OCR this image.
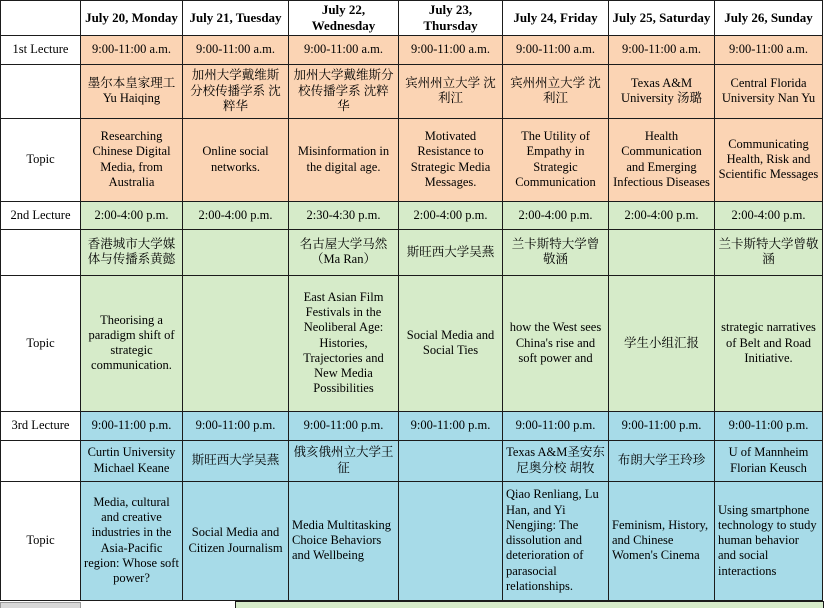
	July 20, Monday	July 21, Tuesday	July 22, Wednesday	July 23, Thursday	July 24, Friday	July 25, Saturday	July 26, Sunday
1st Lecture	9:00-11:00 a.m.	9:00-11:00 a.m.	9:00-11:00 a.m.	9:00-11:00 a.m.	9:00-11:00 a.m.	9:00-11:00 a.m.	9:00-11:00 a.m.
	墨尔本皇家理工 Yu Haiqing	加州大学戴维斯分校传播学系 沈粹华	加州大学戴维斯分校传播学系 沈粹华	宾州州立大学 沈利江	宾州州立大学 沈利江	Texas A&M University 汤璐	Central Florida University Nan Yu
Topic	Researching Chinese Digital Media, from Australia	Online social networks.	Misinformation in the digital age.	Motivated Resistance to Strategic Media Messages.	The Utility of Empathy in Strategic Communication	Health Communication and Emerging Infectious Diseases	Communicating Health, Risk and Scientific Messages
2nd Lecture	2:00-4:00 p.m.	2:00-4:00 p.m.	2:30-4:30 p.m.	2:00-4:00 p.m.	2:00-4:00 p.m.	2:00-4:00 p.m.	2:00-4:00 p.m.
	香港城市大学媒体与传播系黄懿		名古屋大学马然（Ma Ran）	斯旺西大学吴燕	兰卡斯特大学曾敬涵		兰卡斯特大学曾敬涵
Topic	Theorising a paradigm shift of strategic communication.		East Asian Film Festivals in the Neoliberal Age: Histories, Trajectories and New Media Possibilities	Social Media and Social Ties	how the West sees China's rise and soft power and	学生小组汇报	strategic narratives of Belt and Road Initiative.
3rd Lecture	9:00-11:00 p.m.	9:00-11:00 p.m.	9:00-11:00 p.m.	9:00-11:00 p.m.	9:00-11:00 p.m.	9:00-11:00 p.m.	9:00-11:00 p.m.
	Curtin University Michael Keane	斯旺西大学吴燕	俄亥俄州立大学王征		Texas A&M圣安东尼奥分校 胡牧	布朗大学王玲珍	U of Mannheim Florian Keusch
Topic	Media, cultural and creative industries in the Asia-Pacific region: Whose soft power?	Social Media and Citizen Journalism	Media Multitasking Choice Behaviors and Wellbeing		Qiao Renliang, Lu Han, and Yi Nengjing: The dissolution and deterioration of parasocial relationships.	Feminism, History, and Chinese Women's Cinema	Using smartphone technology to study human behavior and social interactions
